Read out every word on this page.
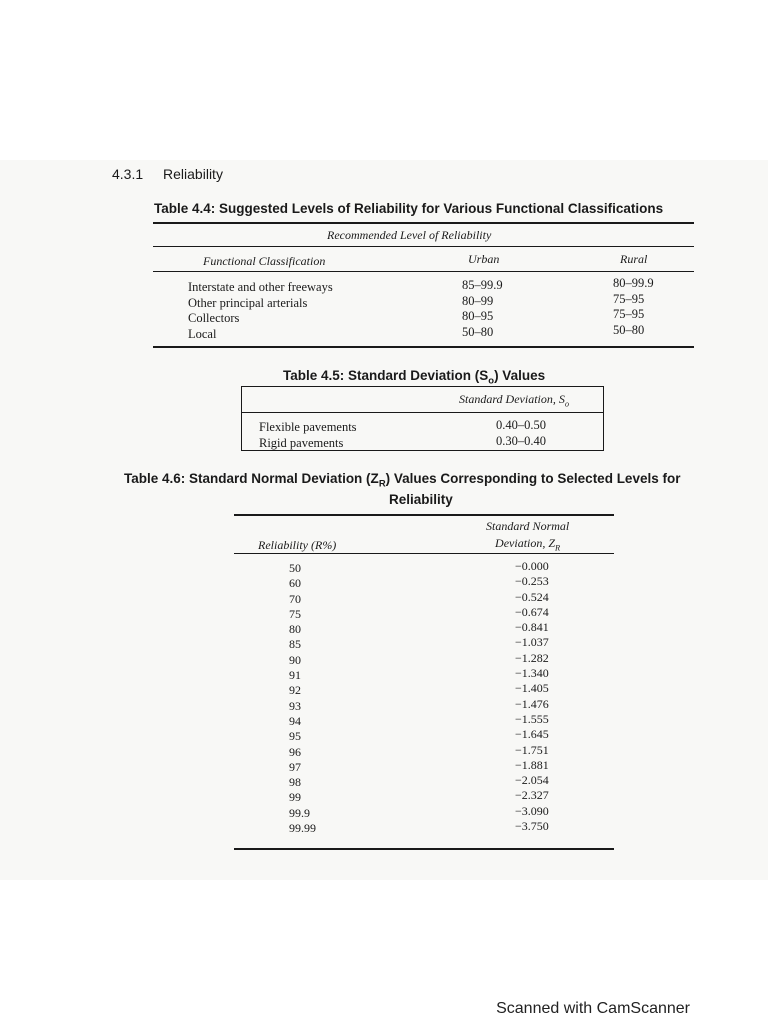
4.3.1 Reliability
Table 4.4: Suggested Levels of Reliability for Various Functional Classifications
Recommended Level of Reliability
Functional Classification	Urban	Rural
Interstate and other freeways
Other principal arterials
Collectors
Local
85–99.9
80–99
80–95
50–80
80–99.9
75–95
75–95
50–80
Table 4.5: Standard Deviation $(S_o)$ Values
Standard Deviation, $S_o$
Flexible pavements
Rigid pavements
0.40–0.50
0.30–0.40
Table 4.6: Standard Normal Deviation $(Z_R)$ Values Corresponding to Selected Levels for
Reliability
Reliability (R%)
Standard Normal
Deviation, $Z_R$
50
60
70
75
80
85
90
91
92
93
94
95
96
97
98
99
99.9
99.99
−0.000
−0.253
−0.524
−0.674
−0.841
−1.037
−1.282
−1.340
−1.405
−1.476
−1.555
−1.645
−1.751
−1.881
−2.054
−2.327
−3.090
−3.750
Scanned with CamScanner
